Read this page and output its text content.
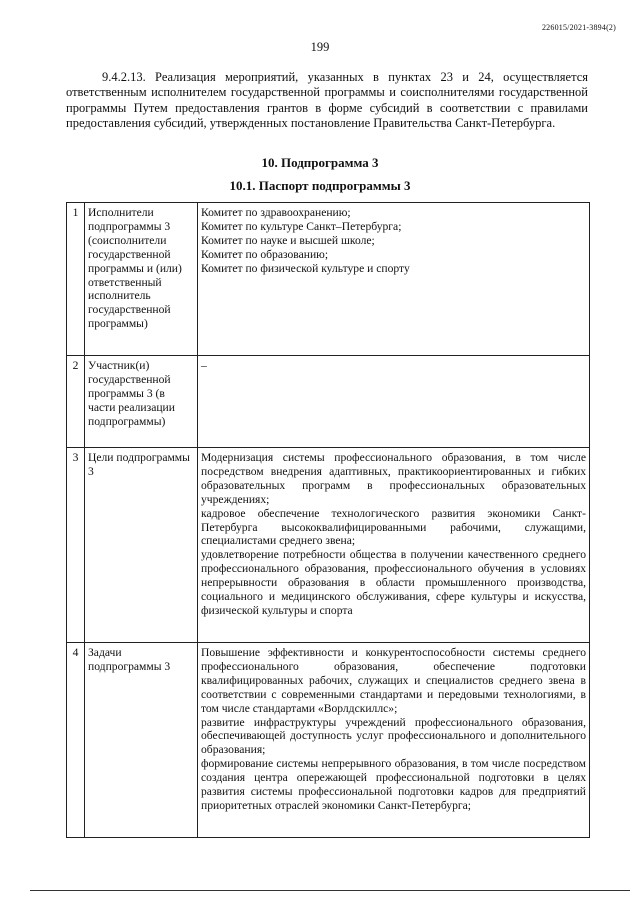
226015/2021-3894(2)
199
9.4.2.13. Реализация мероприятий, указанных в пунктах 23 и 24, осуществляется ответственным исполнителем государственной программы и соисполнителями государственной программы Путем предоставления грантов в форме субсидий в соответствии с правилами предоставления субсидий, утвержденных постановление Правительства Санкт-Петербурга.
10. Подпрограмма 3
10.1. Паспорт подпрограммы 3
1	Исполнители подпрограммы 3 (соисполнители государственной программы и (или) ответственный исполнитель государственной программы)	Комитет по здравоохранению;

Комитет по культуре Санкт–Петербурга;

Комитет по науке и высшей школе;

Комитет по образованию;

Комитет по физической культуре и спорту

2	Участник(и) государственной программы 3 (в части реализации подпрограммы)	–

3	Цели подпрограммы 3	Модернизация системы профессионального образования, в том числе посредством внедрения адаптивных, практикоориентированных и гибких образовательных программ в профессиональных образовательных учреждениях;

кадровое обеспечение технологического развития экономики Санкт-Петербурга высококвалифицированными рабочими, служащими, специалистами среднего звена;

удовлетворение потребности общества в получении качественного среднего профессионального образования, профессионального обучения в условиях непрерывности образования в области промышленного производства, социального и медицинского обслуживания, сфере культуры и искусства, физической культуры и спорта

4	Задачи подпрограммы 3	Повышение эффективности и конкурентоспособности системы среднего профессионального образования, обеспечение подготовки квалифицированных рабочих, служащих и специалистов среднего звена в соответствии с современными стандартами и передовыми технологиями, в том числе стандартами «Ворлдскиллс»;

развитие инфраструктуры учреждений профессионального образования, обеспечивающей доступность услуг профессионального и дополнительного образования;

формирование системы непрерывного образования, в том числе посредством создания центра опережающей профессиональной подготовки в целях развития системы профессиональной подготовки кадров для предприятий приоритетных отраслей экономики Санкт-Петербурга;
